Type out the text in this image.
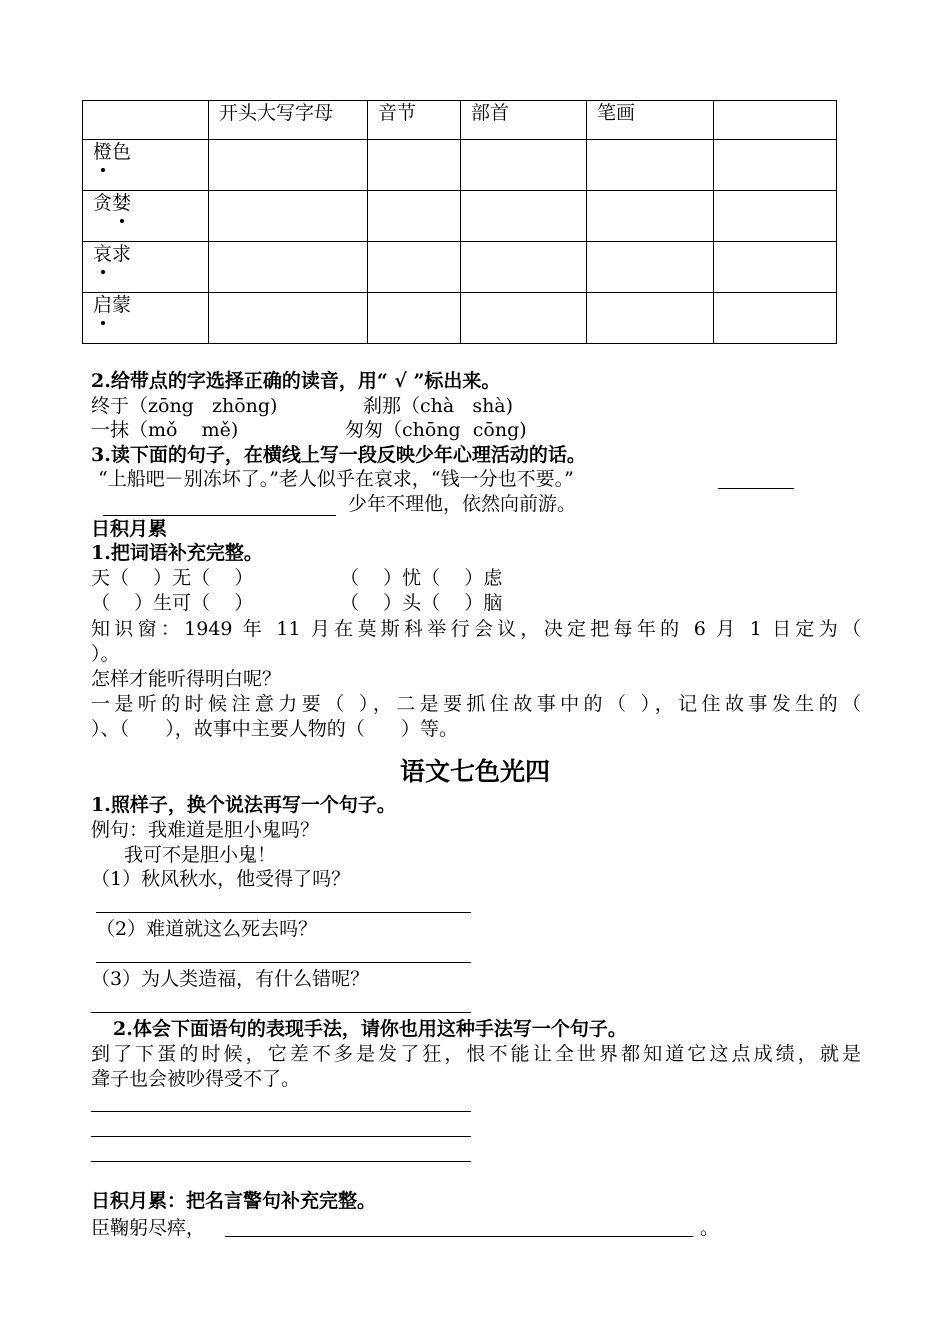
	开头大写字母	音节	部首	笔画	
橙色					
贪婪					
哀求					
启蒙					
2.给带点的字选择正确的读音，用“ √ ”标出来。
终于（zōng   zhōng)	刹那（chà   shà)
一抹（mǒ    mě)	匆匆（chōng  cōng)
3.读下面的句子，在横线上写一段反映少年心理活动的话。
“上船吧－别冻坏了。”老人似乎在哀求，“钱一分也不要。”
少年不理他，依然向前游。
日积月累
1.把词语补充完整。
天（    ）无（    ）	（    ）忧（    ）虑
（    ）生可（    ）	（    ）头（    ）脑
知识窗：1949 年 11 月在莫斯科举行会议，决定把每年的 6 月 1 日定为（
）。
怎样才能听得明白呢？
一是听的时候注意力要（ ），二是要抓住故事中的（ ），记住故事发生的（
）、（      ），故事中主要人物的（      ）等。
语文七色光四
1.照样子，换个说法再写一个句子。
例句：我难道是胆小鬼吗？
我可不是胆小鬼！
（1）秋风秋水，他受得了吗？
（2）难道就这么死去吗？
（3）为人类造福，有什么错呢？
2.体会下面语句的表现手法，请你也用这种手法写一个句子。
到了下蛋的时候，它差不多是发了狂，恨不能让全世界都知道它这点成绩，就是
聋子也会被吵得受不了。
日积月累：把名言警句补充完整。
臣鞠躬尽瘁，	。
